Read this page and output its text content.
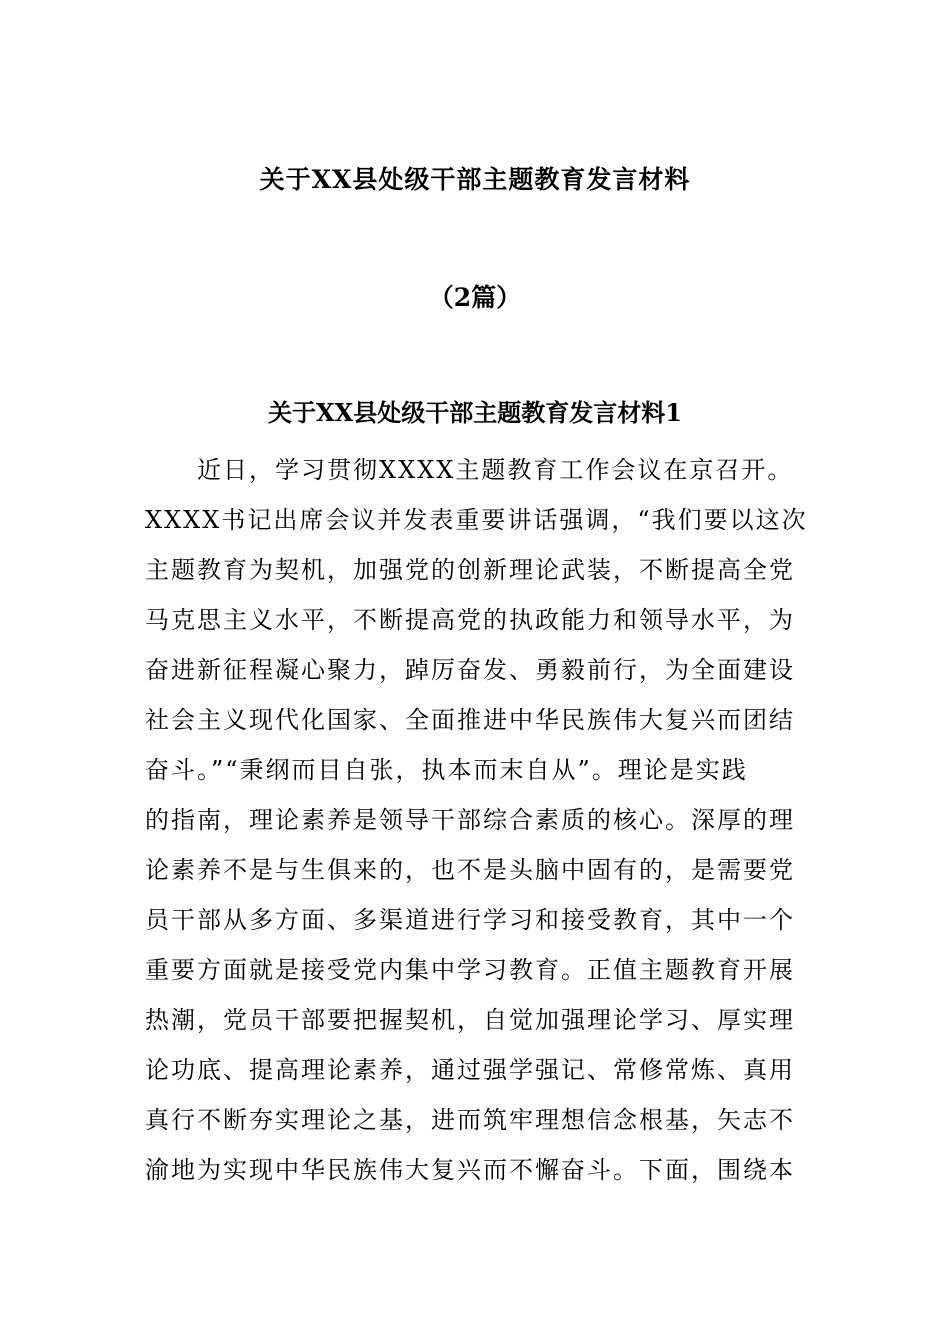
关于XX县处级干部主题教育发言材料
（2篇）
关于XX县处级干部主题教育发言材料1
近日，学习贯彻XXXX主题教育工作会议在京召开。
XXXX书记出席会议并发表重要讲话强调，“我们要以这次
主题教育为契机，加强党的创新理论武装，不断提高全党
马克思主义水平，不断提高党的执政能力和领导水平，为
奋进新征程凝心聚力，踔厉奋发、勇毅前行，为全面建设
社会主义现代化国家、全面推进中华民族伟大复兴而团结
奋斗。”“秉纲而目自张，执本而末自从”。理论是实践
的指南，理论素养是领导干部综合素质的核心。深厚的理
论素养不是与生俱来的，也不是头脑中固有的，是需要党
员干部从多方面、多渠道进行学习和接受教育，其中一个
重要方面就是接受党内集中学习教育。正值主题教育开展
热潮，党员干部要把握契机，自觉加强理论学习、厚实理
论功底、提高理论素养，通过强学强记、常修常炼、真用
真行不断夯实理论之基，进而筑牢理想信念根基，矢志不
渝地为实现中华民族伟大复兴而不懈奋斗。下面，围绕本
